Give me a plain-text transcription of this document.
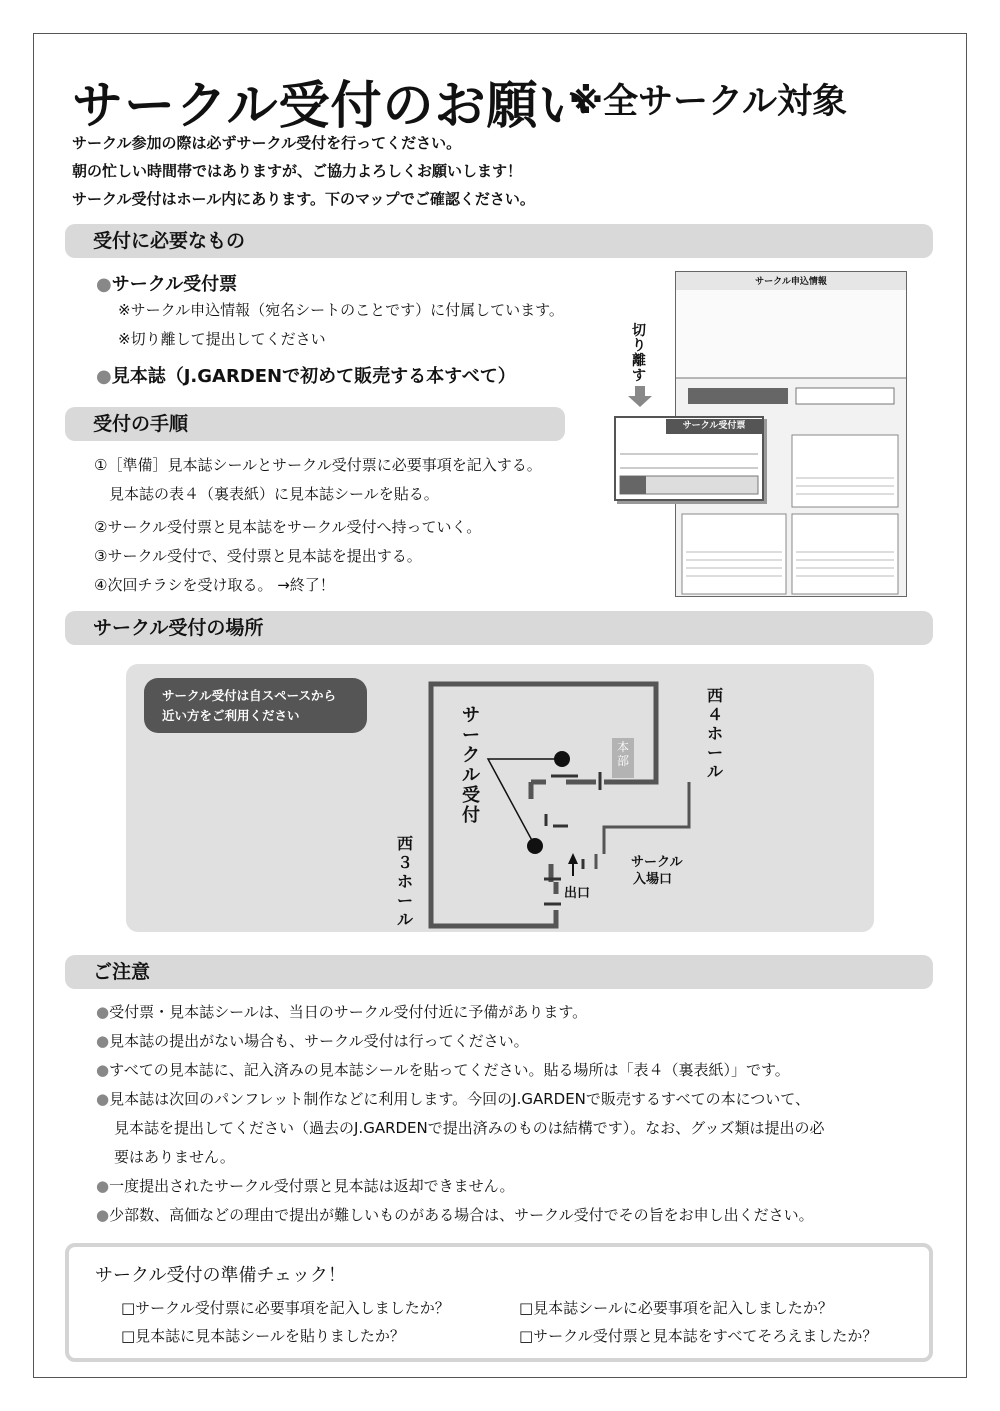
サークル受付のお願い
※全サークル対象
サークル参加の際は必ずサークル受付を行ってください。
朝の忙しい時間帯ではありますが、ご協力よろしくお願いします！
サークル受付はホール内にあります。下のマップでご確認ください。
受付に必要なもの
●サークル受付票
※サークル申込情報（宛名シートのことです）に付属しています。
※切り離して提出してください
●見本誌（J.GARDENで初めて販売する本すべて）
サークル申込情報
切り離す
サークル受付票
受付の手順
①［準備］見本誌シールとサークル受付票に必要事項を記入する。
　見本誌の表４（裏表紙）に見本誌シールを貼る。
②サークル受付票と見本誌をサークル受付へ持っていく。
③サークル受付で、受付票と見本誌を提出する。
④次回チラシを受け取る。 →終了！
サークル受付の場所
サークル受付は自スペースから
近い方をご利用ください	サークル受付
本部
西４ホール
西３ホール
サークル
入場口
出口
ご注意
●受付票・見本誌シールは、当日のサークル受付付近に予備があります。
●見本誌の提出がない場合も、サークル受付は行ってください。
●すべての見本誌に、記入済みの見本誌シールを貼ってください。貼る場所は「表４（裏表紙）」です。
●見本誌は次回のパンフレット制作などに利用します。今回のJ.GARDENで販売するすべての本について、
見本誌を提出してください（過去のJ.GARDENで提出済みのものは結構です）。なお、グッズ類は提出の必
要はありません。
●一度提出されたサークル受付票と見本誌は返却できません。
●少部数、高価などの理由で提出が難しいものがある場合は、サークル受付でその旨をお申し出ください。
サークル受付の準備チェック！
□サークル受付票に必要事項を記入しましたか？	□見本誌シールに必要事項を記入しましたか？
□見本誌に見本誌シールを貼りましたか？	□サークル受付票と見本誌をすべてそろえましたか？
